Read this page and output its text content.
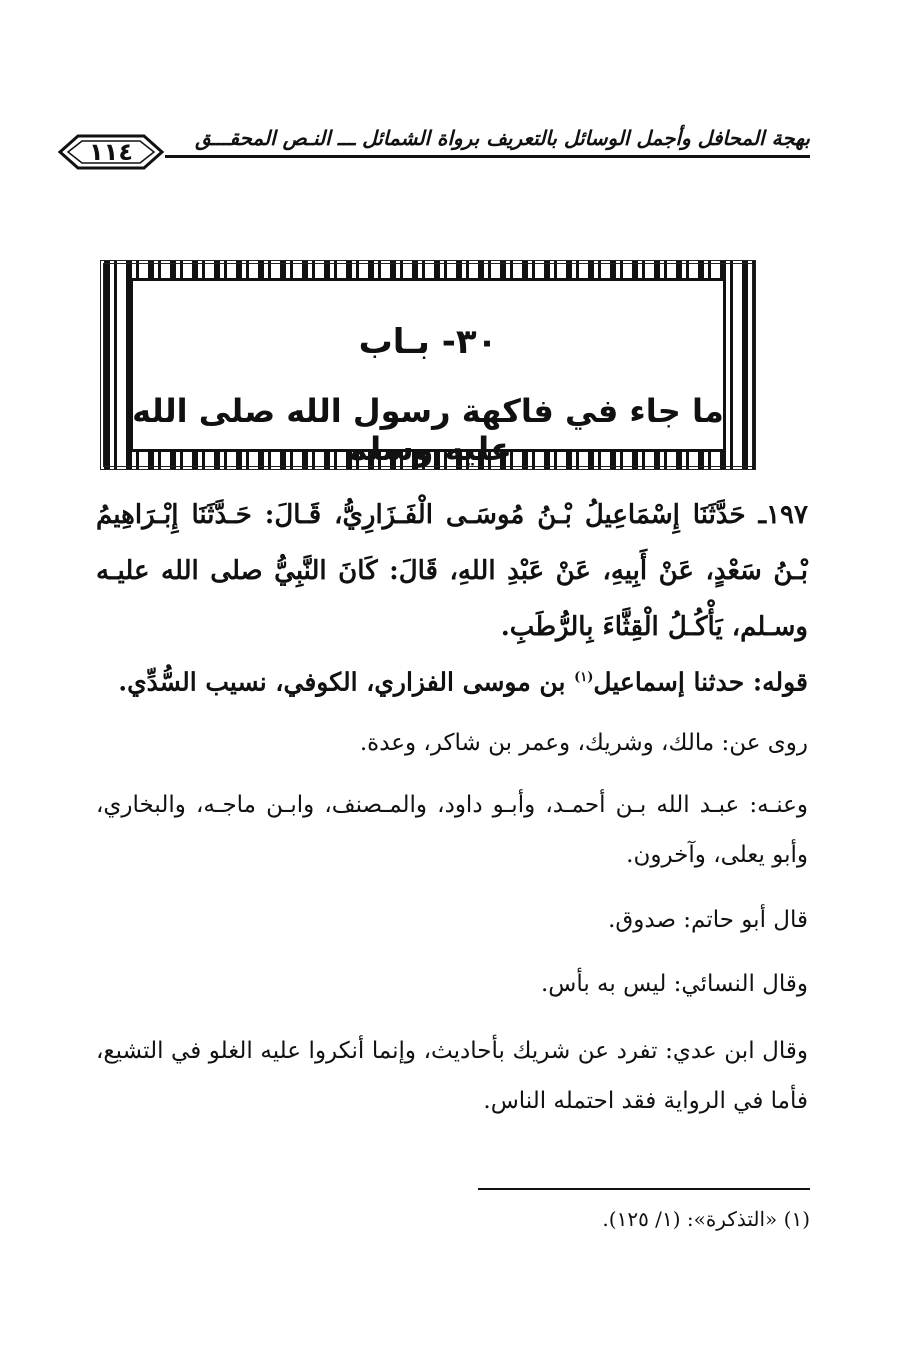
بهجة المحافل وأجمل الوسائل بالتعريف برواة الشمائل ـــ النـص المحقـــق
١١٤
٣٠- بـاب
ما جاء في فاكهة رسول الله صلى الله عليه وسلم
١٩٧ـ حَدَّثَنَا إِسْمَاعِيلُ بْـنُ مُوسَـى الْفَـزَارِيُّ، قَـالَ: حَـدَّثَنَا إِبْـرَاهِيمُ بْـنُ سَعْدٍ، عَنْ أَبِيهِ، عَنْ عَبْدِ اللهِ، قَالَ: كَانَ النَّبِيُّ صلى الله عليـه وسـلم، يَأْكُـلُ الْقِثَّاءَ بِالرُّطَبِ.
قوله: حدثنا إسماعيل$^{(١)}$ بن موسى الفزاري، الكوفي، نسيب السُّدِّي.
روى عن: مالك، وشريك، وعمر بن شاكر، وعدة.
وعنـه: عبـد الله بـن أحمـد، وأبـو داود، والمـصنف، وابـن ماجـه، والبخاري، وأبو يعلى، وآخرون.
قال أبو حاتم: صدوق.
وقال النسائي: ليس به بأس.
وقال ابن عدي: تفرد عن شريك بأحاديث، وإنما أنكروا عليه الغلو في التشيع، فأما في الرواية فقد احتمله الناس.
(١) «التذكرة»: (١/ ١٢٥).
